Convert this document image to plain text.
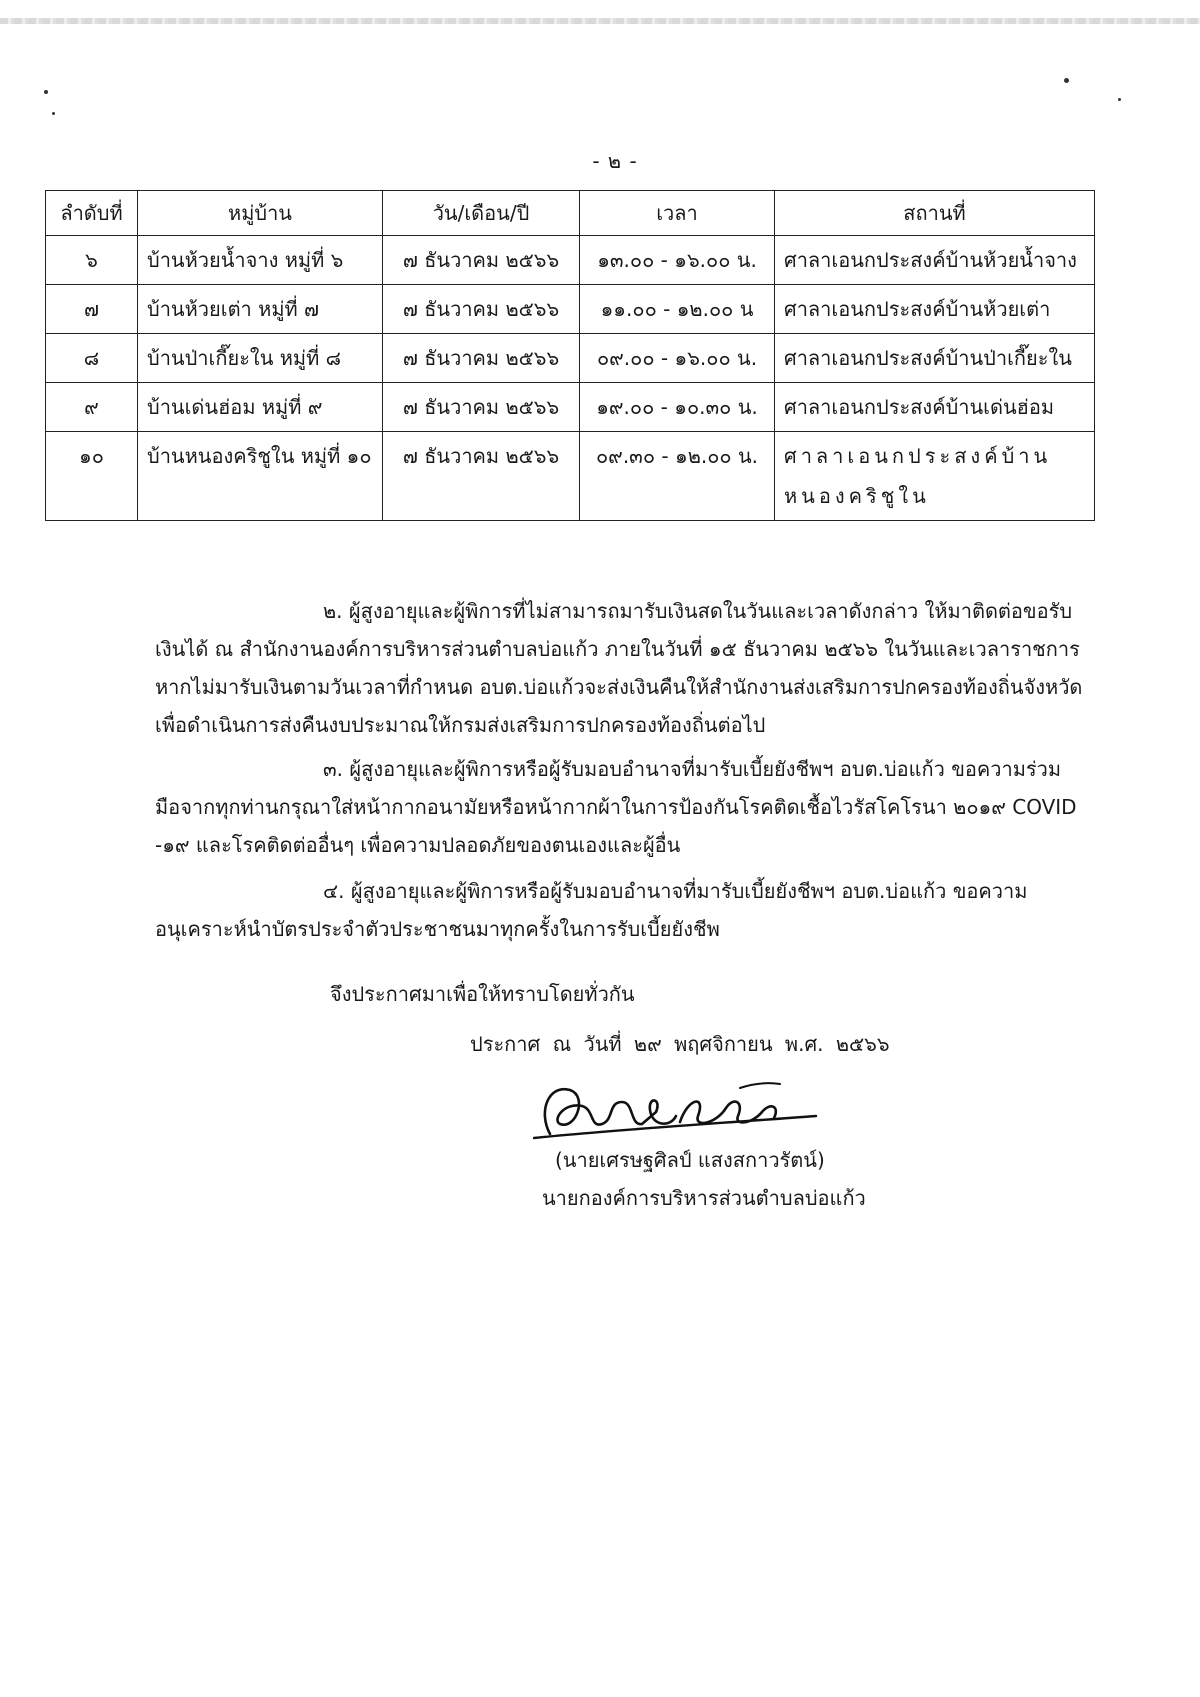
- ๒ -
ลำดับที่	หมู่บ้าน	วัน/เดือน/ปี	เวลา	สถานที่
๖	บ้านห้วยน้ำจาง หมู่ที่ ๖	๗ ธันวาคม ๒๕๖๖	๑๓.๐๐ - ๑๖.๐๐ น.	ศาลาเอนกประสงค์บ้านห้วยน้ำจาง
๗	บ้านห้วยเต่า หมู่ที่ ๗	๗ ธันวาคม ๒๕๖๖	๑๑.๐๐ - ๑๒.๐๐ น	ศาลาเอนกประสงค์บ้านห้วยเต่า
๘	บ้านป่าเกี๊ยะใน หมู่ที่ ๘	๗ ธันวาคม ๒๕๖๖	๐๙.๐๐ - ๑๖.๐๐ น.	ศาลาเอนกประสงค์บ้านป่าเกี๊ยะใน
๙	บ้านเด่นฮ่อม หมู่ที่ ๙	๗ ธันวาคม ๒๕๖๖	๑๙.๐๐ - ๑๐.๓๐ น.	ศาลาเอนกประสงค์บ้านเด่นฮ่อม
๑๐	บ้านหนองคริชูใน หมู่ที่ ๑๐	๗ ธันวาคม ๒๕๖๖	๐๙.๓๐ - ๑๒.๐๐ น.	ศาลาเอนกประสงค์บ้านหนองคริชูใน

๒. ผู้สูงอายุและผู้พิการที่ไม่สามารถมารับเงินสดในวันและเวลาดังกล่าว ให้มาติดต่อขอรับเงินได้ ณ สำนักงานองค์การบริหารส่วนตำบลบ่อแก้ว ภายในวันที่ ๑๕ ธันวาคม ๒๕๖๖ ในวันและเวลาราชการ หากไม่มารับเงินตามวันเวลาที่กำหนด อบต.บ่อแก้วจะส่งเงินคืนให้สำนักงานส่งเสริมการปกครองท้องถิ่นจังหวัดเพื่อดำเนินการส่งคืนงบประมาณให้กรมส่งเสริมการปกครองท้องถิ่นต่อไป

๓. ผู้สูงอายุและผู้พิการหรือผู้รับมอบอำนาจที่มารับเบี้ยยังชีพฯ อบต.บ่อแก้ว ขอความร่วมมือจากทุกท่านกรุณาใส่หน้ากากอนามัยหรือหน้ากากผ้าในการป้องกันโรคติดเชื้อไวรัสโคโรนา ๒๐๑๙ COVID -๑๙ และโรคติดต่ออื่นๆ เพื่อความปลอดภัยของตนเองและผู้อื่น

๔. ผู้สูงอายุและผู้พิการหรือผู้รับมอบอำนาจที่มารับเบี้ยยังชีพฯ อบต.บ่อแก้ว ขอความอนุเคราะห์นำบัตรประจำตัวประชาชนมาทุกครั้งในการรับเบี้ยยังชีพ

จึงประกาศมาเพื่อให้ทราบโดยทั่วกัน

ประกาศ ณ วันที่ ๒๙ พฤศจิกายน พ.ศ. ๒๕๖๖

(นายเศรษฐศิลป์ แสงสกาวรัตน์)

นายกองค์การบริหารส่วนตำบลบ่อแก้ว
